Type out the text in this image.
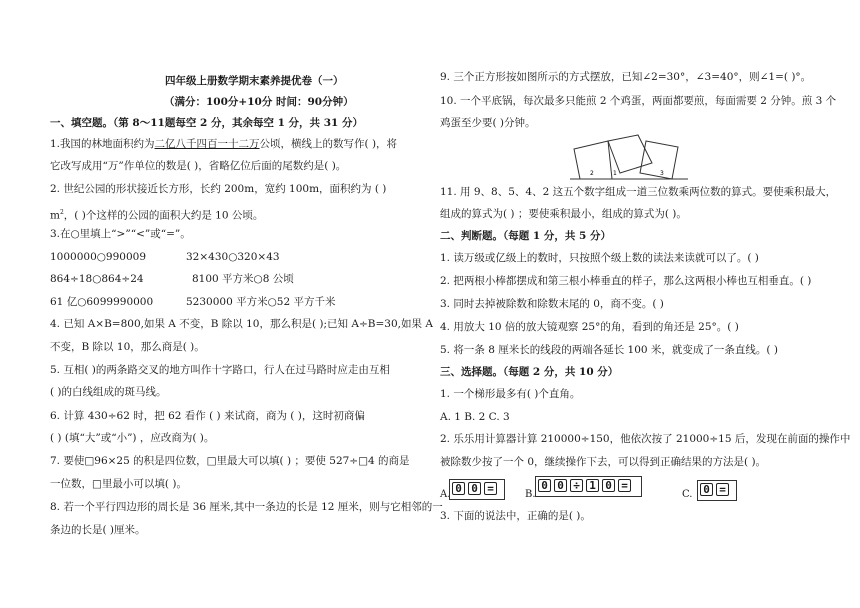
四年级上册数学期末素养提优卷（一）
（满分：100分+10分 时间：90分钟）
一、填空题。（第 8～11题每空 2 分，其余每空 1 分，共 31 分）
1.我国的林地面积约为二亿八千四百一十二万公顷，横线上的数写作( )，将
它改写成用“万”作单位的数是( )，省略亿位后面的尾数约是( )。
2. 世纪公园的形状接近长方形，长约 200m，宽约 100m，面积约为 ( )
$m^2$，( )个这样的公园的面积大约是 10 公顷。
3.在○里填上“>”“<”或“=”。
1000000○990009	32×430○320×43
864÷18○864÷24	8100 平方米○8 公顷
61 亿○6099990000	5230000 平方米○52 平方千米
4. 已知 A×B=800,如果 A 不变，B 除以 10，那么积是( );已知 A÷B=30,如果 A
不变，B 除以 10，那么商是( )。
5. 互相( )的两条路交叉的地方叫作十字路口，行人在过马路时应走由互相
( )的白线组成的斑马线。
6. 计算 430÷62 时，把 62 看作 ( ) 来试商，商为 ( )，这时初商偏
( ) (填“大”或“小”) ，应改商为( )。
7. 要使□96×25 的积是四位数，□里最大可以填( ) ；要使 527÷□4 的商是
一位数，□里最小可以填( )。
8. 若一个平行四边形的周长是 36 厘米,其中一条边的长是 12 厘米，则与它相邻的一
条边的长是( )厘米。
9. 三个正方形按如图所示的方式摆放，已知∠2=30°，∠3=40°，则∠1=( )°。
10. 一个平底锅，每次最多只能煎 2 个鸡蛋，两面都要煎，每面需要 2 分钟。煎 3 个
鸡蛋至少要( )分钟。
1
2	3
11. 用 9、8、5、4、2 这五个数字组成一道三位数乘两位数的算式。要使乘积最大，
组成的算式为( ) ；要使乘积最小，组成的算式为( )。
二、判断题。（每题 1 分，共 5 分）
1. 读万级或亿级上的数时，只按照个级上数的读法来读就可以了。( )
2. 把两根小棒都摆成和第三根小棒垂直的样子，那么这两根小棒也互相垂直。( )
3. 同时去掉被除数和除数末尾的 0，商不变。( )
4. 用放大 10 倍的放大镜观察 25°的角，看到的角还是 25°。( )
5. 将一条 8 厘米长的线段的两端各延长 100 米，就变成了一条直线。( )
三、选择题。（每题 2 分，共 10 分）
1. 一个梯形最多有( )个直角。
A. 1 B. 2 C. 3
2. 乐乐用计算器计算 210000÷150，他依次按了 21000÷15 后，发现在前面的操作中
被除数少按了一个 0，继续操作下去，可以得到正确结果的方法是( )。
A. 0 0 =	B.
0 0 ÷ 1 0 =
C. 0 =
3. 下面的说法中，正确的是( )。
